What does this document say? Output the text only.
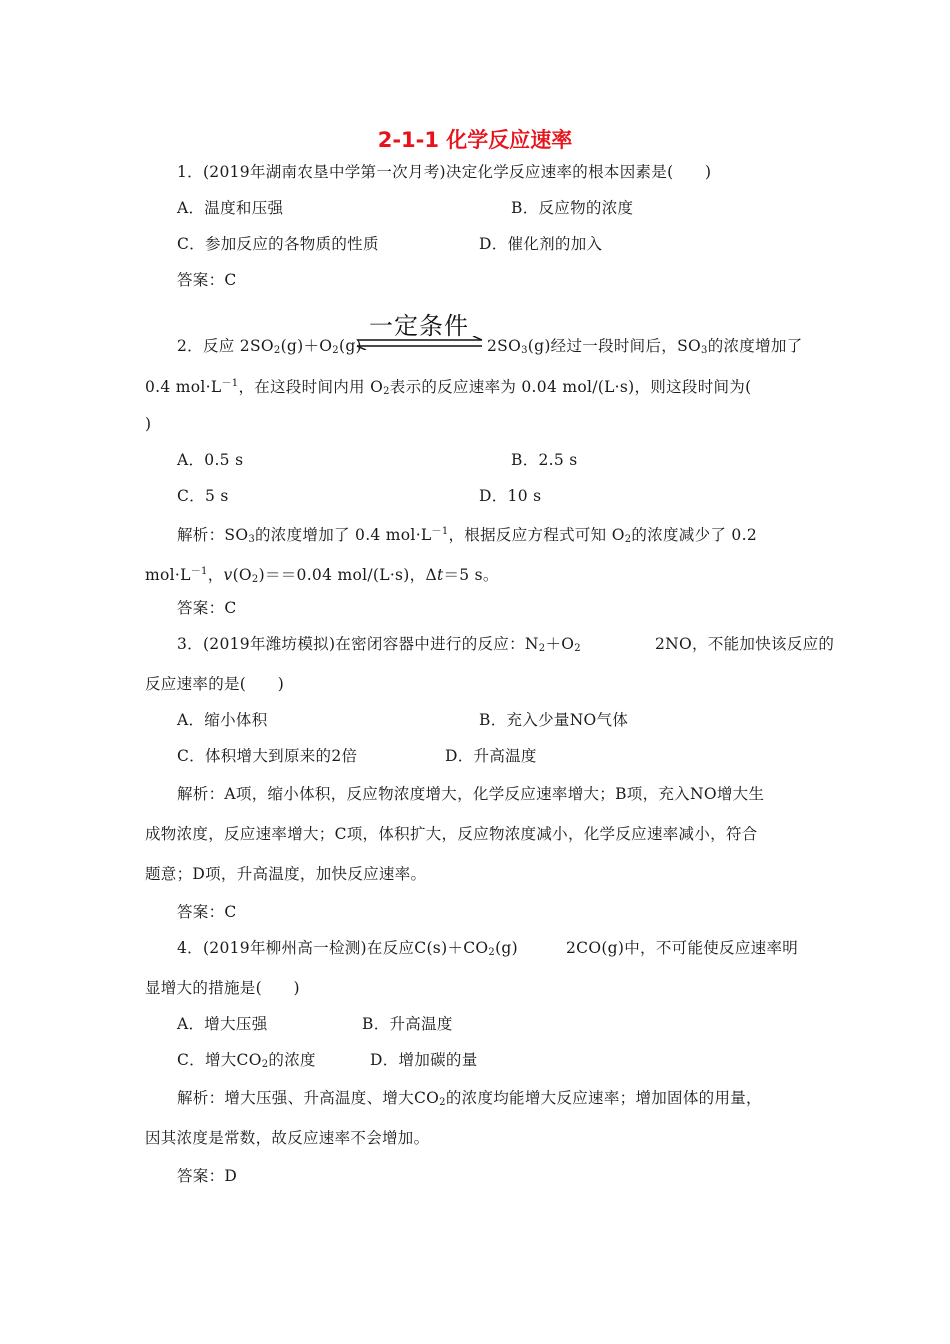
2-1-1 化学反应速率
1．(2019年湖南农垦中学第一次月考)决定化学反应速率的根本因素是(　　)
A．温度和压强	B．反应物的浓度
C．参加反应的各物质的性质	D．催化剂的加入
答案：C
一定条件
2．反应 $2SO_2(g)+O_2(g)$	$2SO_3(g)$经过一段时间后，$SO_3$的浓度增加了
0.4 $mol\cdot L^{-1}$，在这段时间内用 $O_2$表示的反应速率为 0.04 mol/(L·s)，则这段时间为(
)
A．0.5 s	B．2.5 s
C．5 s	D．10 s
解析：$SO_3$的浓度增加了 0.4 $mol\cdot L^{-1}$，根据反应方程式可知 $O_2$的浓度减少了 0.2
$mol\cdot L^{-1}$，$v(O_2)==0.04$ mol/(L·s)，Δt＝5 s。
答案：C
3．(2019年潍坊模拟)在密闭容器中进行的反应：$N_2+O_2$	2NO，不能加快该反应的
反应速率的是(　　)
A．缩小体积	B．充入少量NO气体
C．体积增大到原来的2倍	D．升高温度
解析：A项，缩小体积，反应物浓度增大，化学反应速率增大；B项，充入NO增大生
成物浓度，反应速率增大；C项，体积扩大，反应物浓度减小，化学反应速率减小，符合
题意；D项，升高温度，加快反应速率。
答案：C
4．(2019年柳州高一检测)在反应$C(s)+CO_2(g)$	2CO(g)中，不可能使反应速率明
显增大的措施是(　　)
A．增大压强	B．升高温度
C．增大$CO_2$的浓度	D．增加碳的量
解析：增大压强、升高温度、增大$CO_2$的浓度均能增大反应速率；增加固体的用量，
因其浓度是常数，故反应速率不会增加。
答案：D
